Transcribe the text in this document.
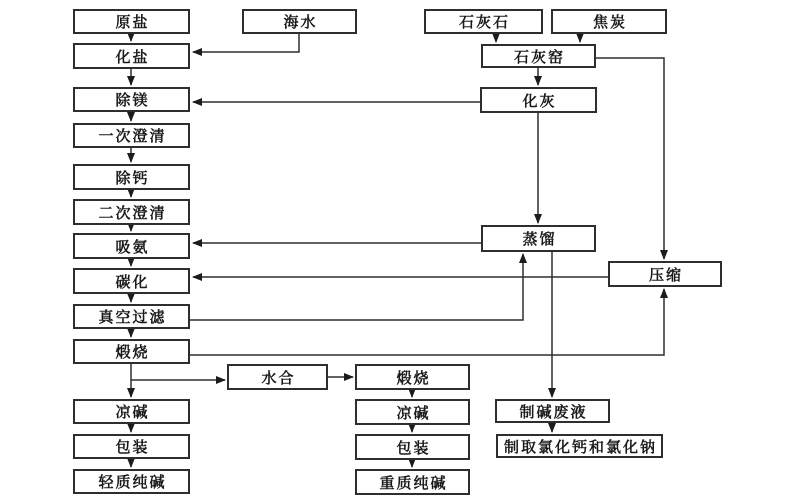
原盐	海水	石灰石	焦炭
化盐	石灰窑
除镁	化灰
一次澄清
除钙
二次澄清
吸氨	蒸馏
碳化	压缩
真空过滤
煅烧
水合	煅烧
凉碱	凉碱	制碱废液
包装	包装	制取氯化钙和氯化钠
轻质纯碱	重质纯碱
